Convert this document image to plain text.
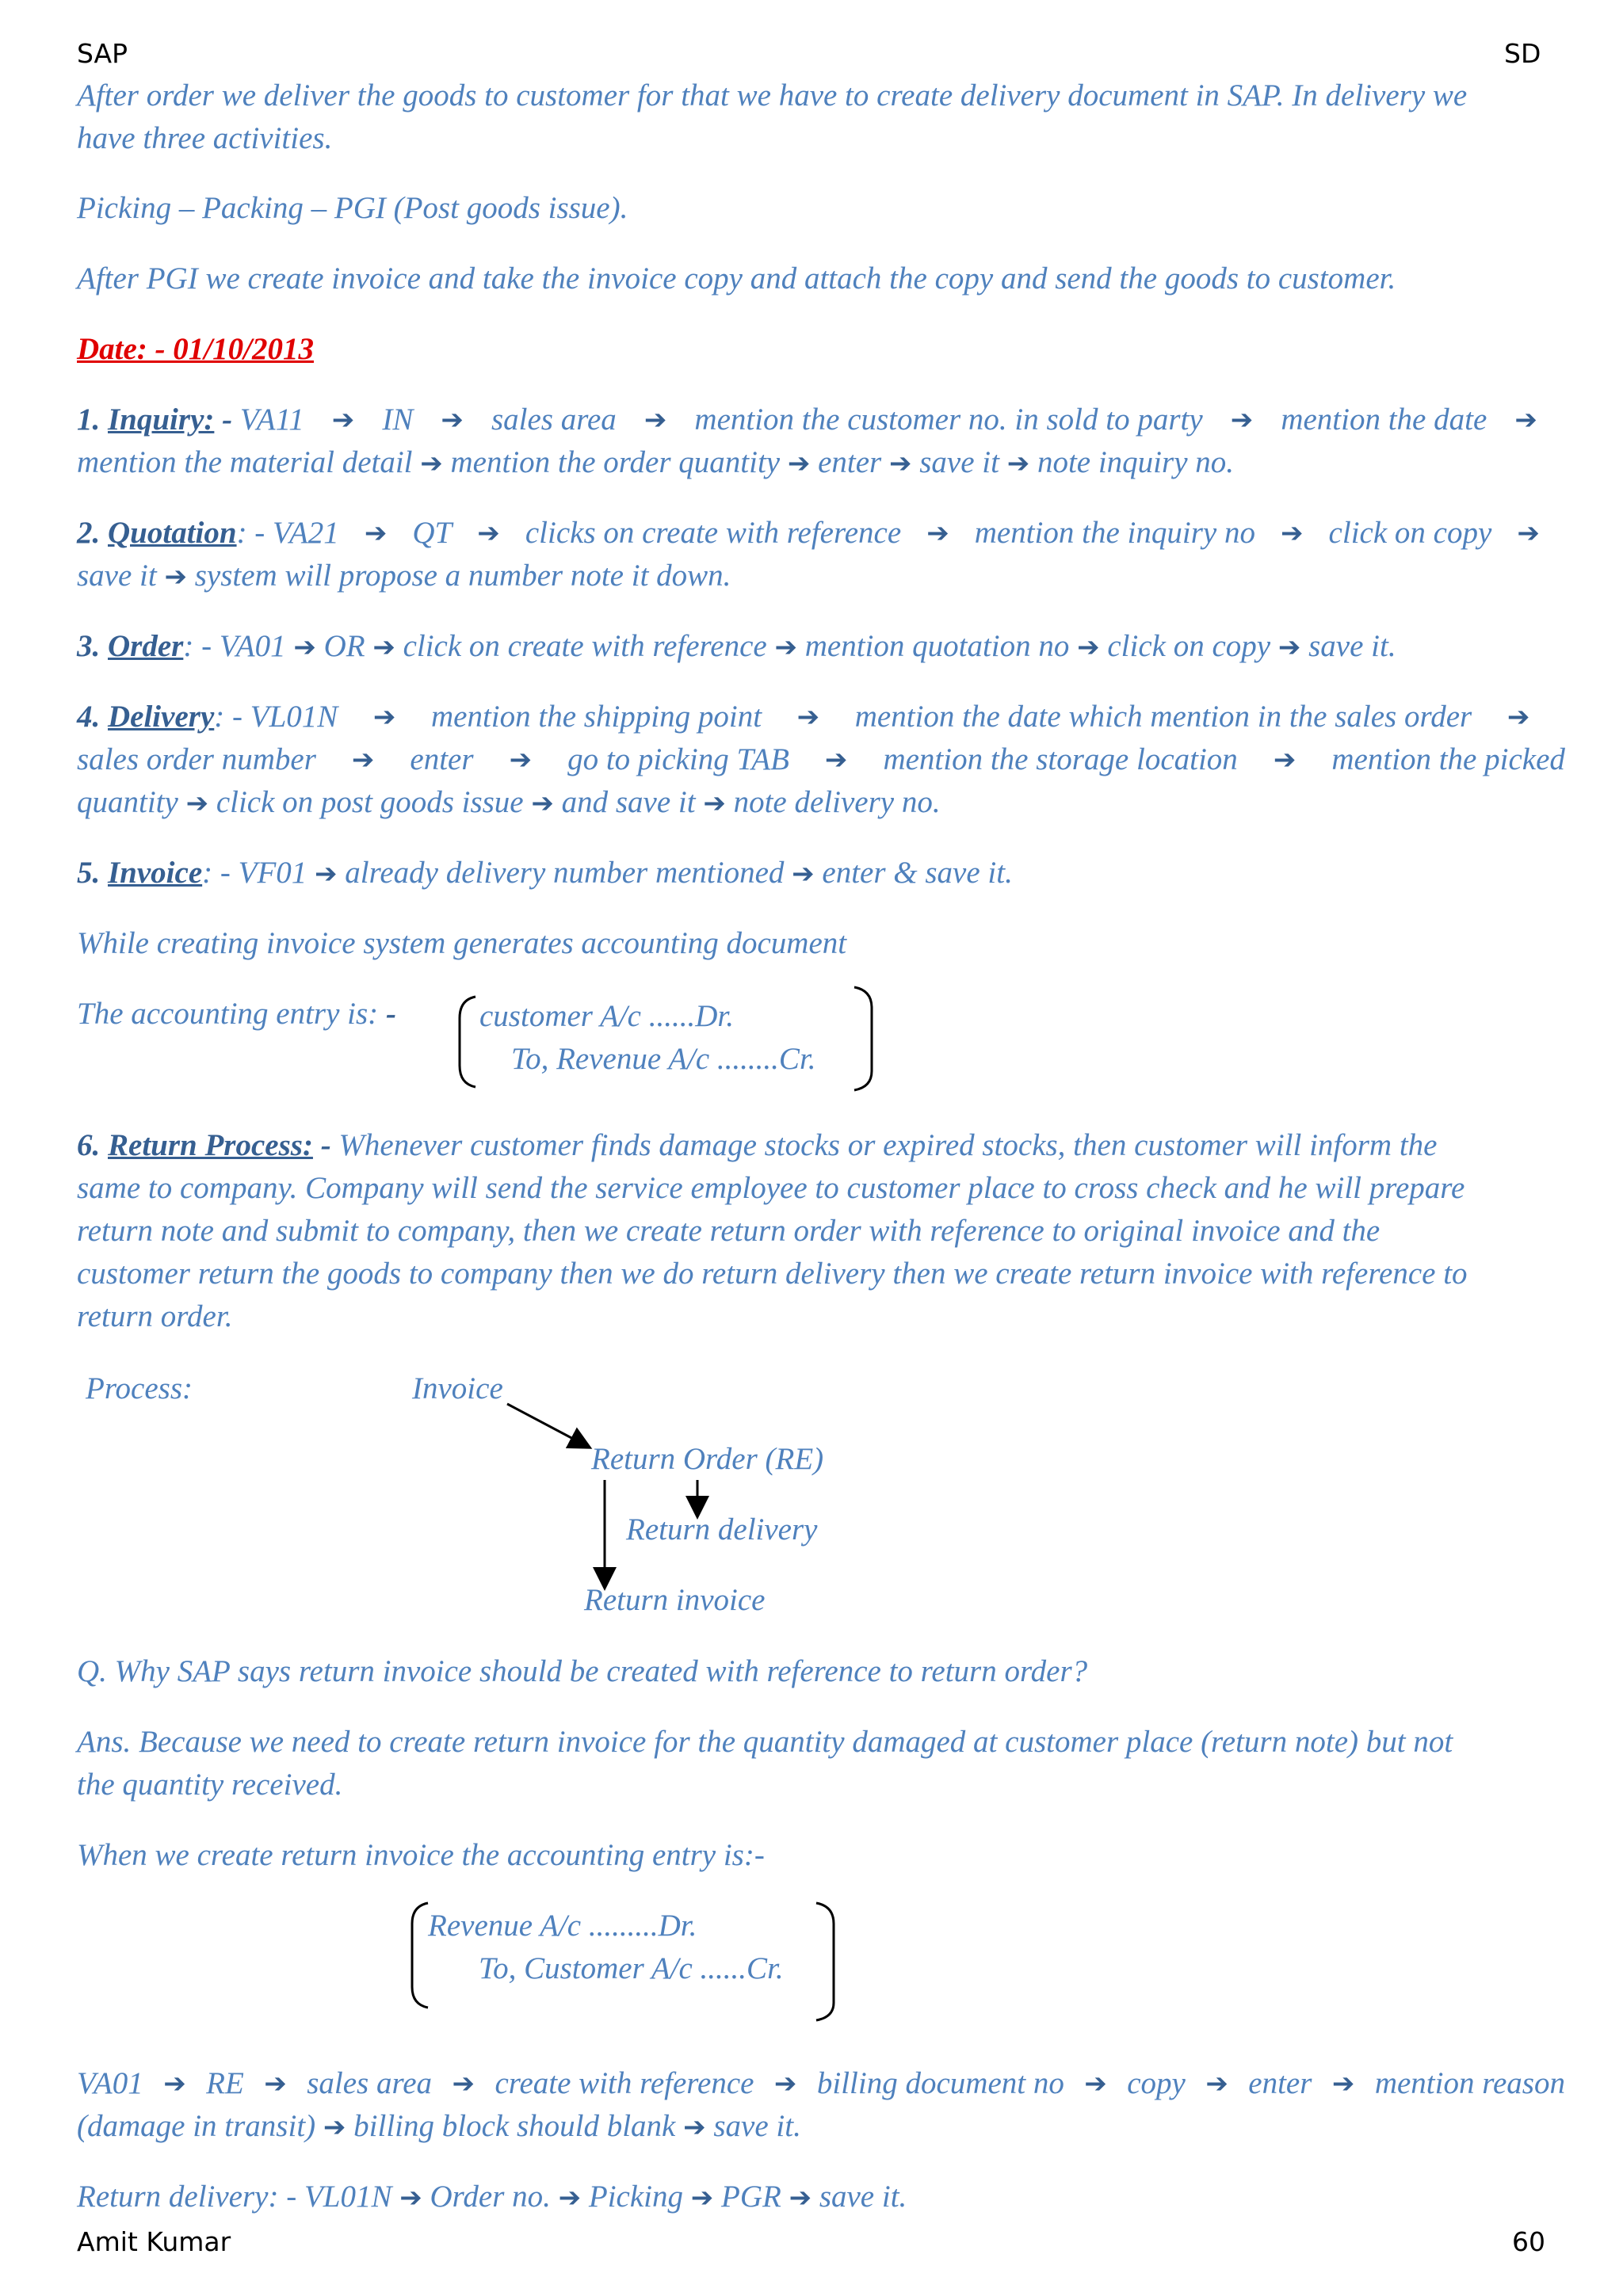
SAP	SD
After order we deliver the goods to customer for that we have to create delivery document in SAP. In delivery we
have three activities.
Picking – Packing – PGI (Post goods issue).
After PGI we create invoice and take the invoice copy and attach the copy and send the goods to customer.
Date: - 01/10/2013
1. Inquiry: - VA11 ➔ IN ➔ sales area ➔ mention the customer no. in sold to party ➔ mention the date ➔
mention the material detail ➔ mention the order quantity ➔ enter ➔ save it ➔ note inquiry no.
2. Quotation: - VA21 ➔ QT ➔ clicks on create with reference ➔ mention the inquiry no ➔ click on copy ➔
save it ➔ system will propose a number note it down.
3. Order: - VA01 ➔ OR ➔ click on create with reference ➔ mention quotation no ➔ click on copy ➔ save it.
4. Delivery: - VL01N ➔ mention the shipping point ➔ mention the date which mention in the sales order ➔
sales order number ➔ enter ➔ go to picking TAB ➔ mention the storage location ➔ mention the picked
quantity ➔ click on post goods issue ➔ and save it ➔ note delivery no.
5. Invoice: - VF01 ➔ already delivery number mentioned ➔ enter & save it.
While creating invoice system generates accounting document
The accounting entry is: -	customer A/c ......Dr.
To, Revenue A/c ........Cr.
6. Return Process: - Whenever customer finds damage stocks or expired stocks, then customer will inform the
same to company. Company will send the service employee to customer place to cross check and he will prepare
return note and submit to company, then we create return order with reference to original invoice and the
customer return the goods to company then we do return delivery then we create return invoice with reference to
return order.
Process:	Invoice
Return Order (RE)
Return delivery
Return invoice
Q. Why SAP says return invoice should be created with reference to return order?
Ans. Because we need to create return invoice for the quantity damaged at customer place (return note) but not
the quantity received.
When we create return invoice the accounting entry is:-
Revenue A/c .........Dr.
To, Customer A/c ......Cr.
VA01 ➔ RE ➔ sales area ➔ create with reference ➔ billing document no ➔ copy ➔ enter ➔ mention reason
(damage in transit) ➔ billing block should blank ➔ save it.
Return delivery: - VL01N ➔ Order no. ➔ Picking ➔ PGR ➔ save it.
Amit Kumar	60
